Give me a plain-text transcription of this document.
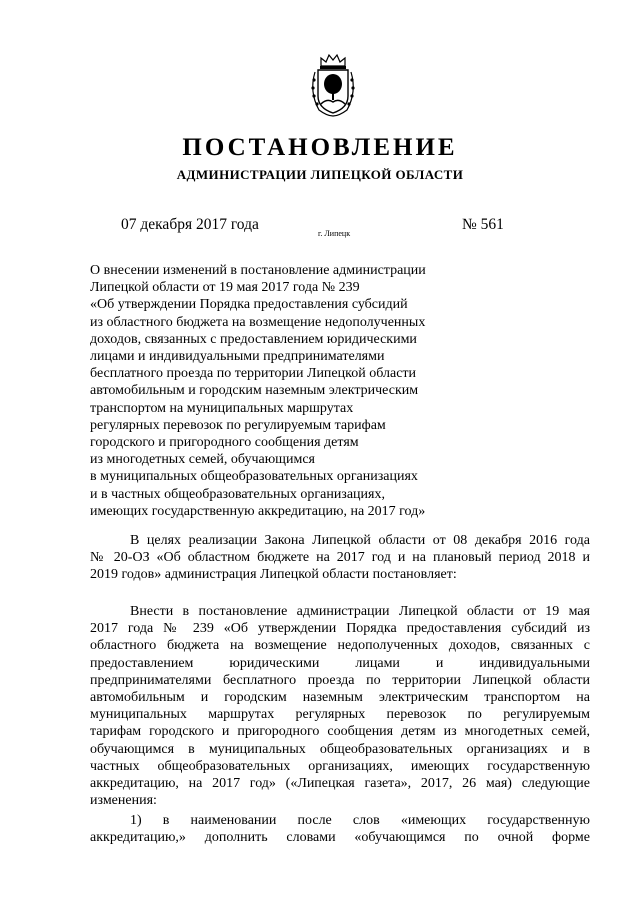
ПОСТАНОВЛЕНИЕ
АДМИНИСТРАЦИИ ЛИПЕЦКОЙ ОБЛАСТИ
07 декабря 2017 года
г. Липецк
№ 561
О внесении изменений в постановление администрации
Липецкой области от 19 мая 2017 года № 239
«Об утверждении Порядка предоставления субсидий
из областного бюджета на возмещение недополученных
доходов, связанных с предоставлением юридическими
лицами и индивидуальными предпринимателями
бесплатного проезда по территории Липецкой области
автомобильным и городским наземным электрическим
транспортом на муниципальных маршрутах
регулярных перевозок по регулируемым тарифам
городского и пригородного сообщения детям
из многодетных семей, обучающимся
в муниципальных общеобразовательных организациях
и в частных общеобразовательных организациях,
имеющих государственную аккредитацию, на 2017 год»
В целях реализации Закона Липецкой области от 08 декабря 2016 года
№ 20-ОЗ «Об областном бюджете на 2017 год и на плановый период 2018 и
2019 годов» администрация Липецкой области постановляет:
Внести в постановление администрации Липецкой области от 19 мая
2017 года № 239 «Об утверждении Порядка предоставления субсидий из
областного бюджета на возмещение недополученных доходов, связанных с
предоставлением юридическими лицами и индивидуальными
предпринимателями бесплатного проезда по территории Липецкой области
автомобильным и городским наземным электрическим транспортом на
муниципальных маршрутах регулярных перевозок по регулируемым
тарифам городского и пригородного сообщения детям из многодетных семей,
обучающимся в муниципальных общеобразовательных организациях и в
частных общеобразовательных организациях, имеющих государственную
аккредитацию, на 2017 год» («Липецкая газета», 2017, 26 мая) следующие
изменения:
1) в наименовании после слов «имеющих государственную
аккредитацию,» дополнить словами «обучающимся по очной форме
